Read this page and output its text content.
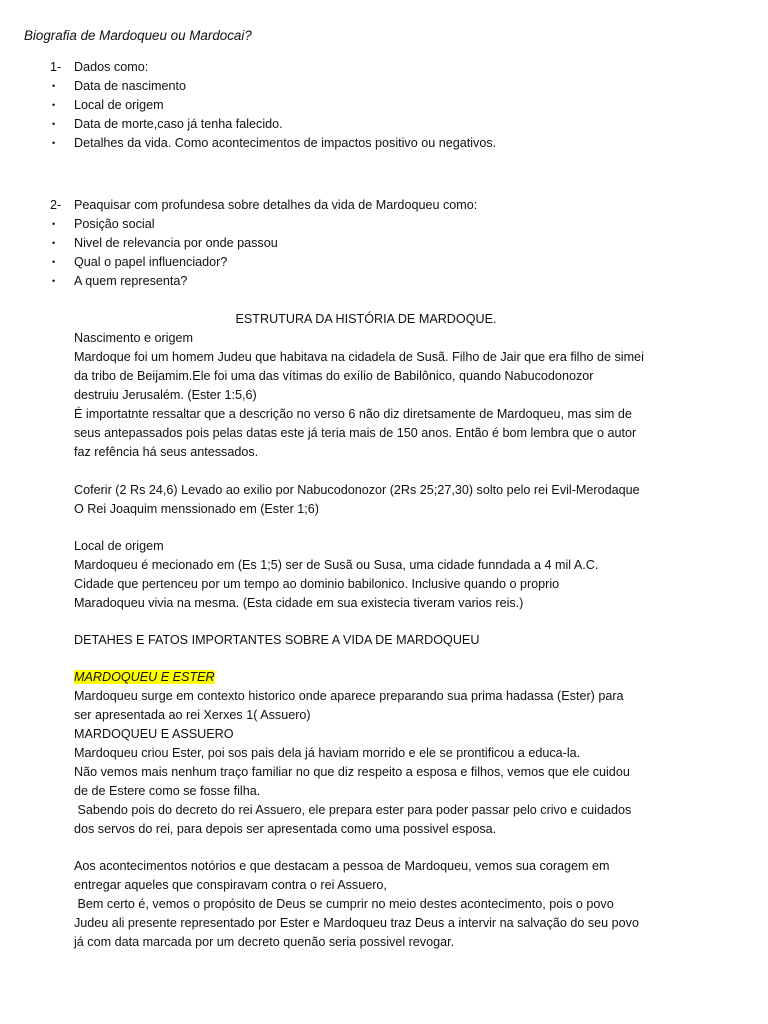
Biografia de Mardoqueu ou Mardocai?
1- Dados como:
• Data de nascimento
• Local de origem
• Data de morte,caso já tenha falecido.
• Detalhes da vida. Como acontecimentos de impactos positivo ou negativos.
2- Peaquisar com profundesa sobre detalhes da vida de Mardoqueu como:
• Posição social
• Nivel de relevancia por onde passou
• Qual o papel influenciador?
• A quem representa?
ESTRUTURA DA HISTÓRIA DE MARDOQUE.
Nascimento e origem
Mardoque foi um homem Judeu que habitava na cidadela de Susã. Filho de Jair que era filho de simei
da tribo de Beijamim.Ele foi uma das vítimas do exílio de Babilônico, quando Nabucodonozor
destruiu Jerusalém. (Ester 1:5,6)
É importatnte ressaltar que a descrição no verso 6 não diz diretsamente de Mardoqueu, mas sim de
seus antepassados pois pelas datas este já teria mais de 150 anos. Então é bom lembra que o autor
faz refência há seus antessados.
Coferir (2 Rs 24,6) Levado ao exilio por Nabucodonozor (2Rs 25;27,30) solto pelo rei Evil-Merodaque
O Rei Joaquim menssionado em (Ester 1;6)
Local de origem
Mardoqueu é mecionado em (Es 1;5) ser de Susã ou Susa, uma cidade funndada a 4 mil A.C.
Cidade que pertenceu por um tempo ao dominio babilonico. Inclusive quando o proprio
Maradoqueu vivia na mesma. (Esta cidade em sua existecia tiveram varios reis.)
DETAHES E FATOS IMPORTANTES SOBRE A VIDA DE MARDOQUEU
MARDOQUEU E ESTER
Mardoqueu surge em contexto historico onde aparece preparando sua prima hadassa (Ester) para
ser apresentada ao rei Xerxes 1( Assuero)
MARDOQUEU E ASSUERO
Mardoqueu criou Ester, poi sos pais dela já haviam morrido e ele se prontificou a educa-la.
Não vemos mais nenhum traço familiar no que diz respeito a esposa e filhos, vemos que ele cuidou
de de Estere como se fosse filha.
Sabendo pois do decreto do rei Assuero, ele prepara ester para poder passar pelo crivo e cuidados
dos servos do rei, para depois ser apresentada como uma possivel esposa.
Aos acontecimentos notórios e que destacam a pessoa de Mardoqueu, vemos sua coragem em
entregar aqueles que conspiravam contra o rei Assuero,
Bem certo é, vemos o propósito de Deus se cumprir no meio destes acontecimento, pois o povo
Judeu ali presente representado por Ester e Mardoqueu traz Deus a intervir na salvação do seu povo
já com data marcada por um decreto quenão seria possivel revogar.
